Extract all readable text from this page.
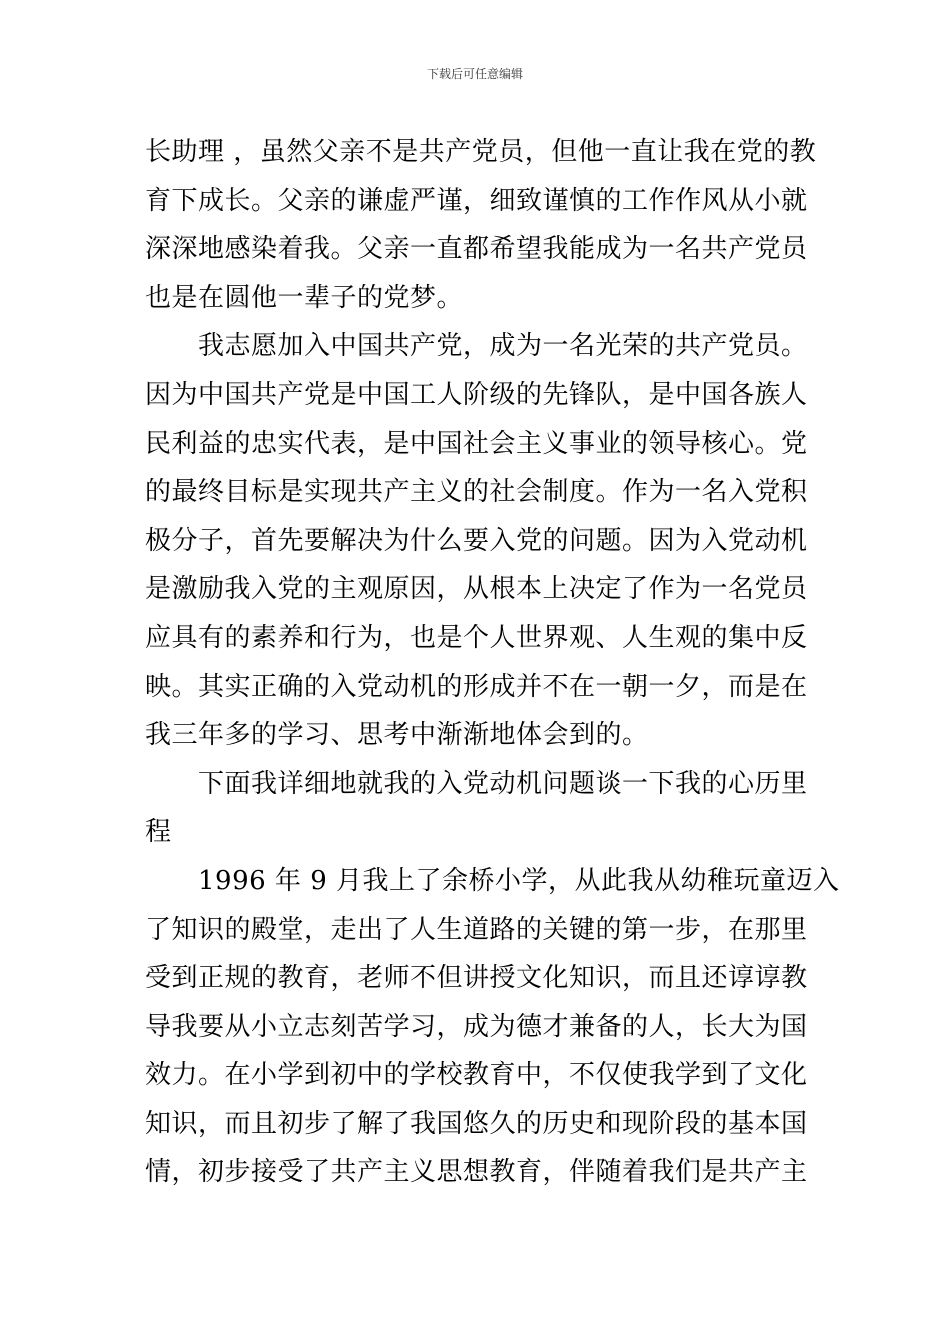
下载后可任意编辑
长助理 ，虽然父亲不是共产党员，但他一直让我在党的教
育下成长。父亲的谦虚严谨，细致谨慎的工作作风从小就
深深地感染着我。父亲一直都希望我能成为一名共产党员
也是在圆他一辈子的党梦。
我志愿加入中国共产党，成为一名光荣的共产党员。
因为中国共产党是中国工人阶级的先锋队，是中国各族人
民利益的忠实代表，是中国社会主义事业的领导核心。党
的最终目标是实现共产主义的社会制度。作为一名入党积
极分子，首先要解决为什么要入党的问题。因为入党动机
是激励我入党的主观原因，从根本上决定了作为一名党员
应具有的素养和行为，也是个人世界观、人生观的集中反
映。其实正确的入党动机的形成并不在一朝一夕，而是在
我三年多的学习、思考中渐渐地体会到的。
下面我详细地就我的入党动机问题谈一下我的心历里
程
1996 年 9 月我上了余桥小学，从此我从幼稚玩童迈入
了知识的殿堂，走出了人生道路的关键的第一步，在那里
受到正规的教育，老师不但讲授文化知识，而且还谆谆教
导我要从小立志刻苦学习，成为德才兼备的人，长大为国
效力。在小学到初中的学校教育中，不仅使我学到了文化
知识，而且初步了解了我国悠久的历史和现阶段的基本国
情，初步接受了共产主义思想教育，伴随着我们是共产主
